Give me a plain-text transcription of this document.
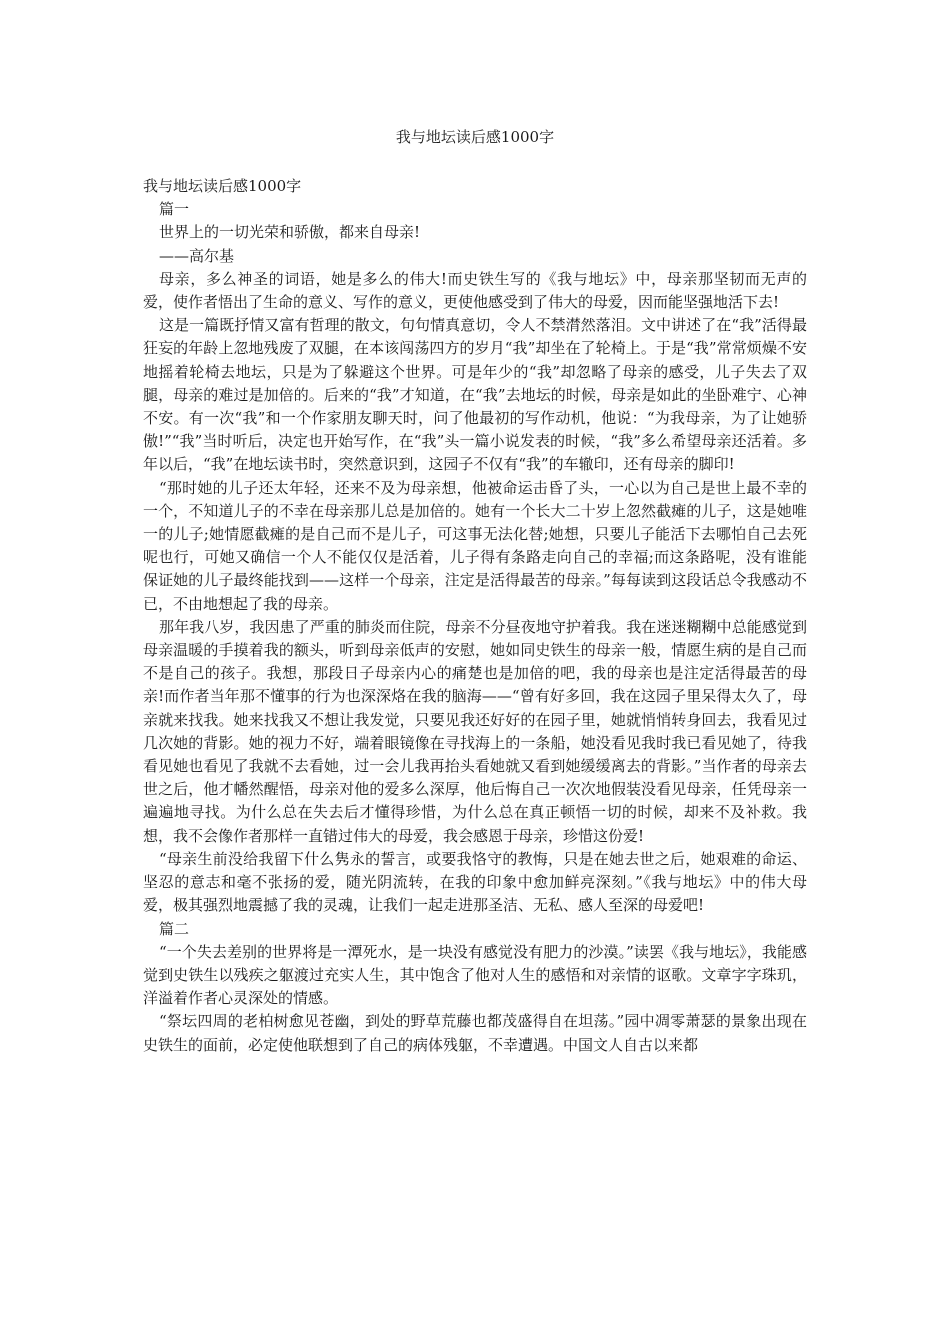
我与地坛读后感1000字

我与地坛读后感1000字

篇一

世界上的一切光荣和骄傲，都来自母亲!

——高尔基

母亲，多么神圣的词语，她是多么的伟大!而史铁生写的《我与地坛》中，母亲那坚韧而无声的爱，使作者悟出了生命的意义、写作的意义，更使他感受到了伟大的母爱，因而能坚强地活下去!

这是一篇既抒情又富有哲理的散文，句句情真意切，令人不禁潸然落泪。文中讲述了在“我”活得最狂妄的年龄上忽地残废了双腿，在本该闯荡四方的岁月“我”却坐在了轮椅上。于是“我”常常烦燥不安地摇着轮椅去地坛，只是为了躲避这个世界。可是年少的“我”却忽略了母亲的感受，儿子失去了双腿，母亲的难过是加倍的。后来的“我”才知道，在“我”去地坛的时候，母亲是如此的坐卧难宁、心神不安。有一次“我”和一个作家朋友聊天时，问了他最初的写作动机，他说：“为我母亲，为了让她骄傲!”“我”当时听后，决定也开始写作，在“我”头一篇小说发表的时候，“我”多么希望母亲还活着。多年以后，“我”在地坛读书时，突然意识到，这园子不仅有“我”的车辙印，还有母亲的脚印!

“那时她的儿子还太年轻，还来不及为母亲想，他被命运击昏了头，一心以为自己是世上最不幸的一个，不知道儿子的不幸在母亲那儿总是加倍的。她有一个长大二十岁上忽然截瘫的儿子，这是她唯一的儿子;她情愿截瘫的是自己而不是儿子，可这事无法化替;她想，只要儿子能活下去哪怕自己去死呢也行，可她又确信一个人不能仅仅是活着，儿子得有条路走向自己的幸福;而这条路呢，没有谁能保证她的儿子最终能找到——这样一个母亲，注定是活得最苦的母亲。”每每读到这段话总令我感动不已，不由地想起了我的母亲。

那年我八岁，我因患了严重的肺炎而住院，母亲不分昼夜地守护着我。我在迷迷糊糊中总能感觉到母亲温暖的手摸着我的额头，听到母亲低声的安慰，她如同史铁生的母亲一般，情愿生病的是自己而不是自己的孩子。我想，那段日子母亲内心的痛楚也是加倍的吧，我的母亲也是注定活得最苦的母亲!而作者当年那不懂事的行为也深深烙在我的脑海——“曾有好多回，我在这园子里呆得太久了，母亲就来找我。她来找我又不想让我发觉，只要见我还好好的在园子里，她就悄悄转身回去，我看见过几次她的背影。她的视力不好，端着眼镜像在寻找海上的一条船，她没看见我时我已看见她了，待我看见她也看见了我就不去看她，过一会儿我再抬头看她就又看到她缓缓离去的背影。”当作者的母亲去世之后，他才幡然醒悟，母亲对他的爱多么深厚，他后悔自己一次次地假装没看见母亲，任凭母亲一遍遍地寻找。为什么总在失去后才懂得珍惜，为什么总在真正顿悟一切的时候，却来不及补救。我想，我不会像作者那样一直错过伟大的母爱，我会感恩于母亲，珍惜这份爱!

“母亲生前没给我留下什么隽永的誓言，或要我恪守的教悔，只是在她去世之后，她艰难的命运、坚忍的意志和毫不张扬的爱，随光阴流转，在我的印象中愈加鲜亮深刻。”《我与地坛》中的伟大母爱，极其强烈地震撼了我的灵魂，让我们一起走进那圣洁、无私、感人至深的母爱吧!

篇二

“一个失去差别的世界将是一潭死水，是一块没有感觉没有肥力的沙漠。”读罢《我与地坛》，我能感觉到史铁生以残疾之躯渡过充实人生，其中饱含了他对人生的感悟和对亲情的讴歌。文章字字珠玑，洋溢着作者心灵深处的情感。

“祭坛四周的老柏树愈见苍幽，到处的野草荒藤也都茂盛得自在坦荡。”园中凋零萧瑟的景象出现在史铁生的面前，必定使他联想到了自己的病体残躯，不幸遭遇。中国文人自古以来都
